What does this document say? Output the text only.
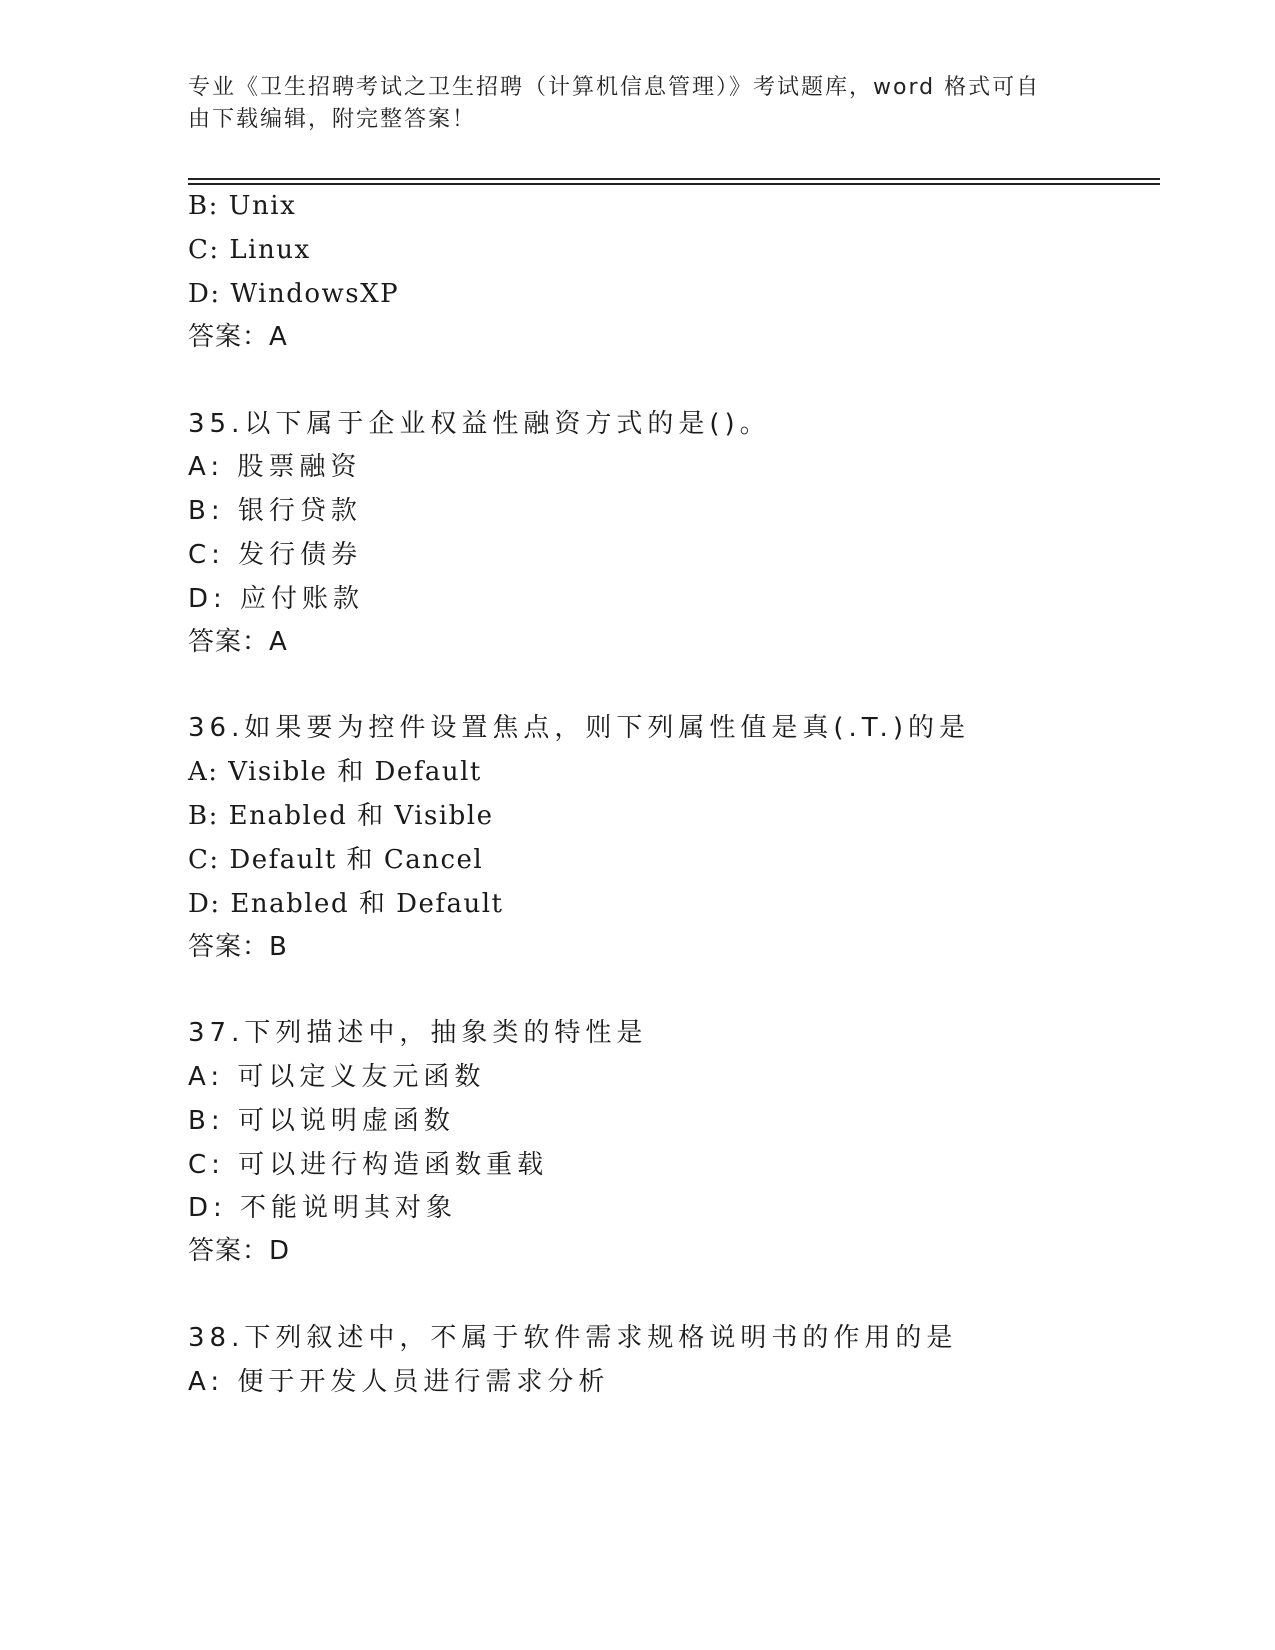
专业《卫生招聘考试之卫生招聘（计算机信息管理）》考试题库，word 格式可自
由下载编辑，附完整答案！
B: Unix
C: Linux
D: WindowsXP
答案：A
35.以下属于企业权益性融资方式的是()。
A: 股票融资
B: 银行贷款
C: 发行债券
D: 应付账款
答案：A
36.如果要为控件设置焦点，则下列属性值是真(.T.)的是
A: Visible 和 Default
B: Enabled 和 Visible
C: Default 和 Cancel
D: Enabled 和 Default
答案：B
37.下列描述中，抽象类的特性是
A: 可以定义友元函数
B: 可以说明虚函数
C: 可以进行构造函数重载
D: 不能说明其对象
答案：D
38.下列叙述中，不属于软件需求规格说明书的作用的是
A: 便于开发人员进行需求分析
